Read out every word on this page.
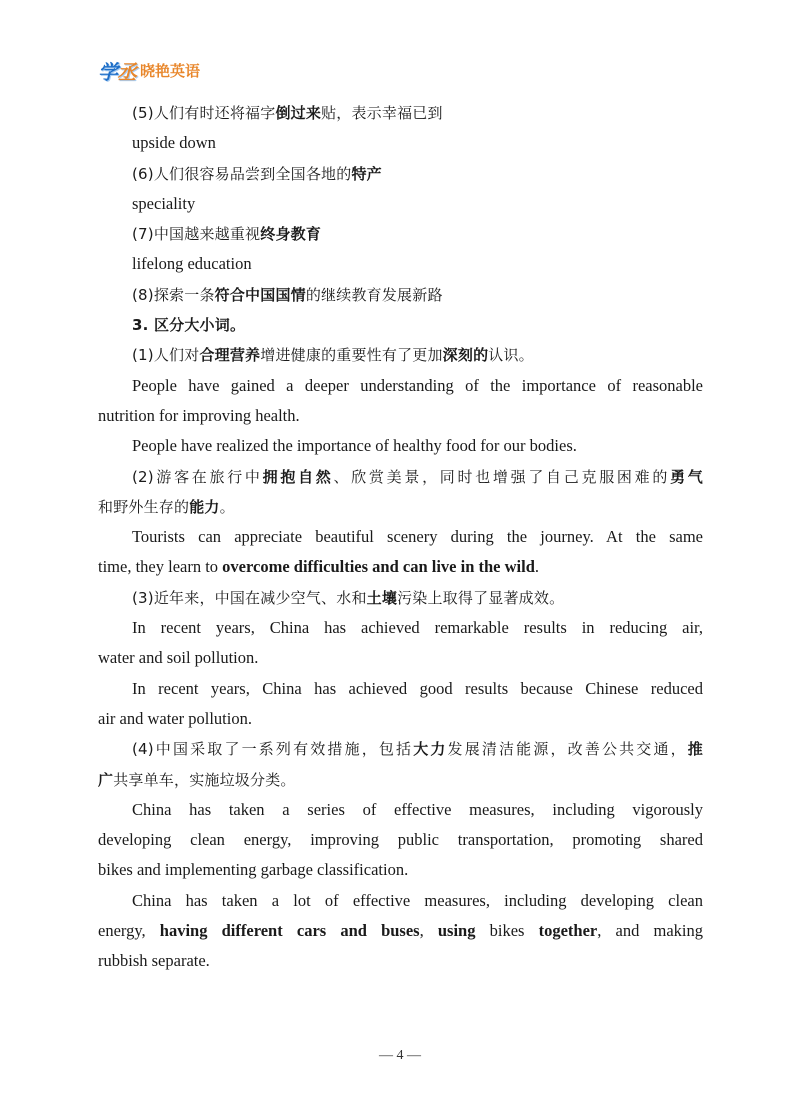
学丞 晓艳英语
(5)人们有时还将福字倒过来贴，表示幸福已到
upside down
(6)人们很容易品尝到全国各地的特产
speciality
(7)中国越来越重视终身教育
lifelong education
(8)探索一条符合中国国情的继续教育发展新路
3. 区分大小词。
(1)人们对合理营养增进健康的重要性有了更加深刻的认识。
People have gained a deeper understanding of the importance of reasonable
nutrition for improving health.
People have realized the importance of healthy food for our bodies.
(2)游客在旅行中拥抱自然、欣赏美景，同时也增强了自己克服困难的勇气
和野外生存的能力。
Tourists can appreciate beautiful scenery during the journey. At the same
time, they learn to overcome difficulties and can live in the wild.
(3)近年来，中国在减少空气、水和土壤污染上取得了显著成效。
In recent years, China has achieved remarkable results in reducing air,
water and soil pollution.
In recent years, China has achieved good results because Chinese reduced
air and water pollution.
(4)中国采取了一系列有效措施，包括大力发展清洁能源，改善公共交通，推
广共享单车，实施垃圾分类。
China has taken a series of effective measures, including vigorously
developing clean energy, improving public transportation, promoting shared
bikes and implementing garbage classification.
China has taken a lot of effective measures, including developing clean
energy, having different cars and buses, using bikes together, and making
rubbish separate.
— 4 —
